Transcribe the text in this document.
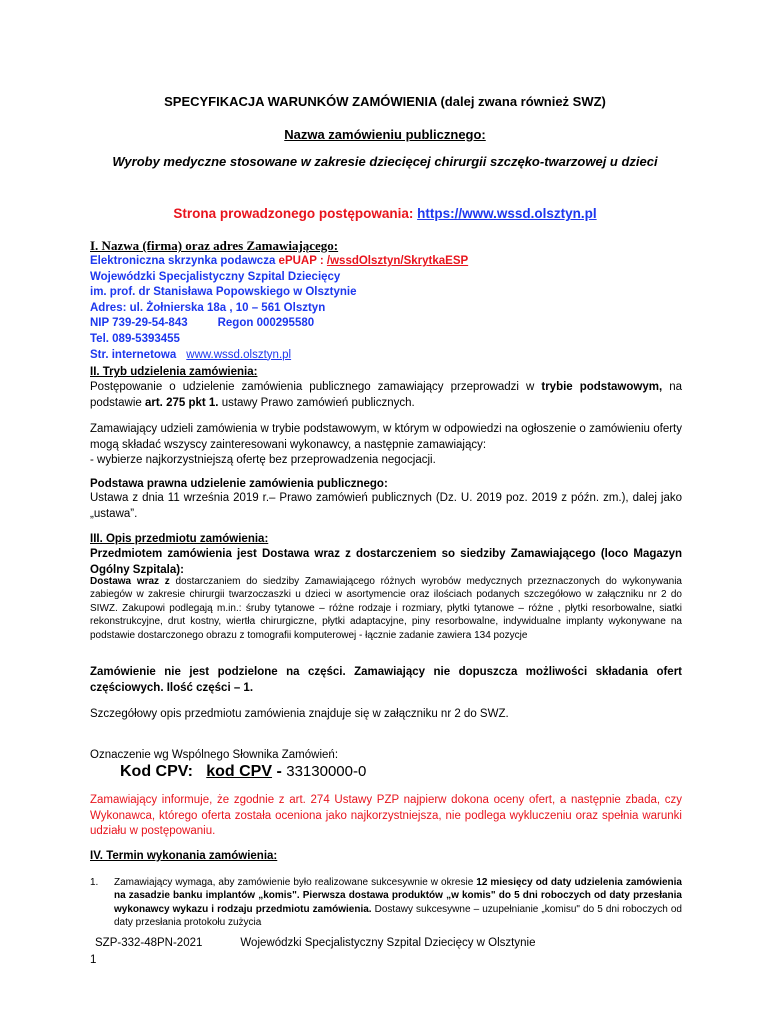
SPECYFIKACJA WARUNKÓW ZAMÓWIENIA (dalej zwana również SWZ)

Nazwa zamówieniu publicznego:

Wyroby medyczne stosowane w zakresie dziecięcej chirurgii szczęko-twarzowej u dzieci

Strona prowadzonego postępowania: https://www.wssd.olsztyn.pl

I. Nazwa (firma) oraz adres Zamawiającego:

Elektroniczna skrzynka podawcza ePUAP : /wssdOlsztyn/SkrytkaESP
Wojewódzki Specjalistyczny Szpital Dziecięcy
im. prof. dr Stanisława Popowskiego w Olsztynie
Adres: ul. Żołnierska 18a , 10 – 561 Olsztyn
NIP 739-29-54-843	Regon 000295580
Tel. 089-5393455
Str. internetowa www.wssd.olsztyn.pl

II. Tryb udzielenia zamówienia:

Postępowanie o udzielenie zamówienia publicznego zamawiający przeprowadzi w trybie podstawowym, na podstawie art. 275 pkt 1. ustawy Prawo zamówień publicznych.

Zamawiający udzieli zamówienia w trybie podstawowym, w którym w odpowiedzi na ogłoszenie o zamówieniu oferty mogą składać wszyscy zainteresowani wykonawcy, a następnie zamawiający:
- wybierze najkorzystniejszą ofertę bez przeprowadzenia negocjacji.

Podstawa prawna udzielenie zamówienia publicznego:

Ustawa z dnia 11 września 2019 r.– Prawo zamówień publicznych (Dz. U. 2019 poz. 2019 z późn. zm.), dalej jako „ustawa”.

III. Opis przedmiotu zamówienia:

Przedmiotem zamówienia jest Dostawa wraz z dostarczeniem so siedziby Zamawiającego (loco Magazyn Ogólny Szpitala):

Dostawa wraz z dostarczaniem do siedziby Zamawiającego różnych wyrobów medycznych przeznaczonych do wykonywania zabiegów w zakresie chirurgii twarzoczaszki u dzieci w asortymencie oraz ilościach podanych szczegółowo w załączniku nr 2 do SIWZ. Zakupowi podlegają m.in.: śruby tytanowe – różne rodzaje i rozmiary, płytki tytanowe – różne , płytki resorbowalne, siatki rekonstrukcyjne, drut kostny, wiertła chirurgiczne, płytki adaptacyjne, piny resorbowalne, indywidualne implanty wykonywane na podstawie dostarczonego obrazu z tomografii komputerowej - łącznie zadanie zawiera 134 pozycje

Zamówienie nie jest podzielone na części. Zamawiający nie dopuszcza możliwości składania ofert częściowych. Ilość części – 1.

Szczegółowy opis przedmiotu zamówienia znajduje się w załączniku nr 2 do SWZ.

Oznaczenie wg Wspólnego Słownika Zamówień:

Kod CPV: kod CPV - 33130000-0

Zamawiający informuje, że zgodnie z art. 274 Ustawy PZP najpierw dokona oceny ofert, a następnie zbada, czy Wykonawca, którego oferta została oceniona jako najkorzystniejsza, nie podlega wykluczeniu oraz spełnia warunki udziału w postępowaniu.

IV. Termin wykonania zamówienia:

1. Zamawiający wymaga, aby zamówienie było realizowane sukcesywnie w okresie 12 miesięcy od daty udzielenia zamówienia na zasadzie banku implantów „komis". Pierwsza dostawa produktów „w komis" do 5 dni roboczych od daty przesłania wykonawcy wykazu i rodzaju przedmiotu zamówienia. Dostawy sukcesywne – uzupełnianie „komisu" do 5 dni roboczych od daty przesłania protokołu zużycia

SZP-332-48PN-2021	Wojewódzki Specjalistyczny Szpital Dziecięcy w Olsztynie

1
